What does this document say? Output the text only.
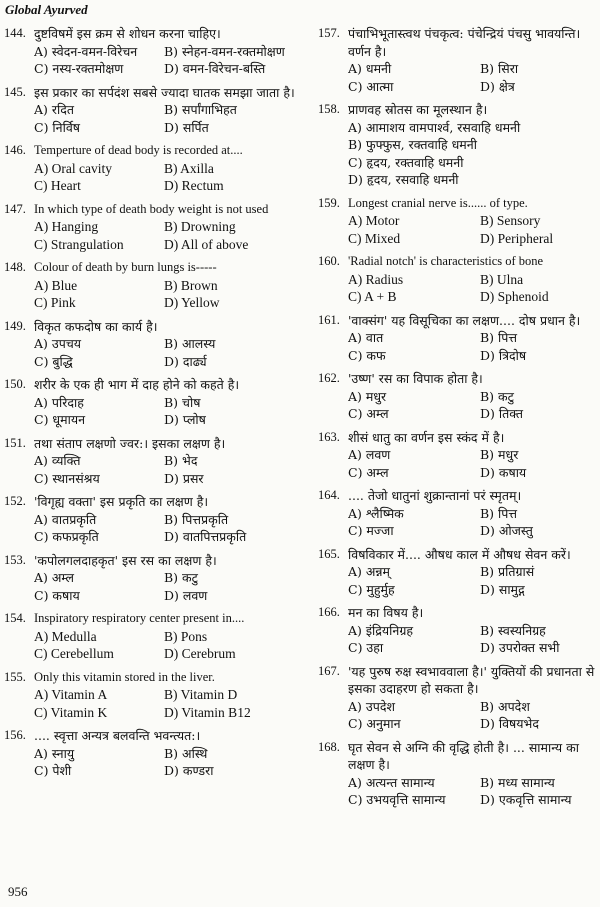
Global Ayurved
144. दुष्टविषमें इस क्रम से शोधन करना चाहिए।
A) स्वेदन-वमन-विरेचन	B) स्नेहन-वमन-रक्तमोक्षण
C) नस्य-रक्तमोक्षण	D) वमन-विरेचन-बस्ति
145. इस प्रकार का सर्पदंश सबसे ज्यादा घातक समझा जाता है।
A) रदित	B) सर्पांगाभिहत
C) निर्विष	D) सर्पित
146. Temperture of dead body is recorded at....
A) Oral cavity	B) Axilla
C) Heart	D) Rectum
147. In which type of death body weight is not used
A) Hanging	B) Drowning
C) Strangulation	D) All of above
148. Colour of death by burn lungs is-----
A) Blue	B) Brown
C) Pink	D) Yellow
149. विकृत कफदोष का कार्य है।
A) उपचय	B) आलस्य
C) बुद्धि	D) दार्ढ्य
150. शरीर के एक ही भाग में दाह होने को कहते है।
A) परिदाह	B) चोष
C) धूमायन	D) प्लोष
151. तथा संताप लक्षणो ज्वर:। इसका लक्षण है।
A) व्यक्ति	B) भेद
C) स्थानसंश्रय	D) प्रसर
152. 'विगृह्य वक्ता' इस प्रकृति का लक्षण है।
A) वातप्रकृति	B) पित्तप्रकृति
C) कफप्रकृति	D) वातपित्तप्रकृति
153. 'कपोलगलदाहकृत' इस रस का लक्षण है।
A) अम्ल	B) कटु
C) कषाय	D) लवण
154. Inspiratory respiratory center present in....
A) Medulla	B) Pons
C) Cerebellum	D) Cerebrum
155. Only this vitamin stored in the liver.
A) Vitamin A	B) Vitamin D
C) Vitamin K	D) Vitamin B12
156. .... स्वृत्ता अन्यत्र बलवन्ति भवन्त्यत:।
A) स्नायु	B) अस्थि
C) पेशी	D) कण्डरा
157. पंचाभिभूतास्त्वथ पंचकृत्व: पंचेन्द्रियं पंचसु भावयन्ति। वर्णन है।
A) धमनी	B) सिरा
C) आत्मा	D) क्षेत्र
158. प्राणवह स्रोतस का मूलस्थान है।
A) आमाशय वामपार्श्व, रसवाहि धमनी
B) फुफ्फुस, रक्तवाहि धमनी
C) हृदय, रक्तवाहि धमनी
D) हृदय, रसवाहि धमनी
159. Longest cranial nerve is...... of type.
A) Motor	B) Sensory
C) Mixed	D) Peripheral
160. 'Radial notch' is characteristics of bone
A) Radius	B) Ulna
C) A + B	D) Sphenoid
161. 'वाक्संग' यह विसूचिका का लक्षण.... दोष प्रधान है।
A) वात	B) पित्त
C) कफ	D) त्रिदोष
162. 'उष्ण' रस का विपाक होता है।
A) मधुर	B) कटु
C) अम्ल	D) तिक्त
163. शीसं धातु का वर्णन इस स्कंद में है।
A) लवण	B) मधुर
C) अम्ल	D) कषाय
164. .... तेजो धातुनां शुक्रान्तानां परं स्मृतम्।
A) श्लैष्मिक	B) पित्त
C) मज्जा	D) ओजस्तु
165. विषविकार में.... औषध काल में औषध सेवन करें।
A) अन्नम्	B) प्रतिग्रासं
C) मुहुर्मुह	D) सामुद्ग
166. मन का विषय है।
A) इंद्रियनिग्रह	B) स्वस्यनिग्रह
C) उहा	D) उपरोक्त सभी
167. 'यह पुरुष रुक्ष स्वभाववाला है।' युक्तियों की प्रधानता से इसका उदाहरण हो सकता है।
A) उपदेश	B) अपदेश
C) अनुमान	D) विषयभेद
168. घृत सेवन से अग्नि की वृद्धि होती है। ... सामान्य का लक्षण है।
A) अत्यन्त सामान्य	B) मध्य सामान्य
C) उभयवृत्ति सामान्य	D) एकवृत्ति सामान्य
956
